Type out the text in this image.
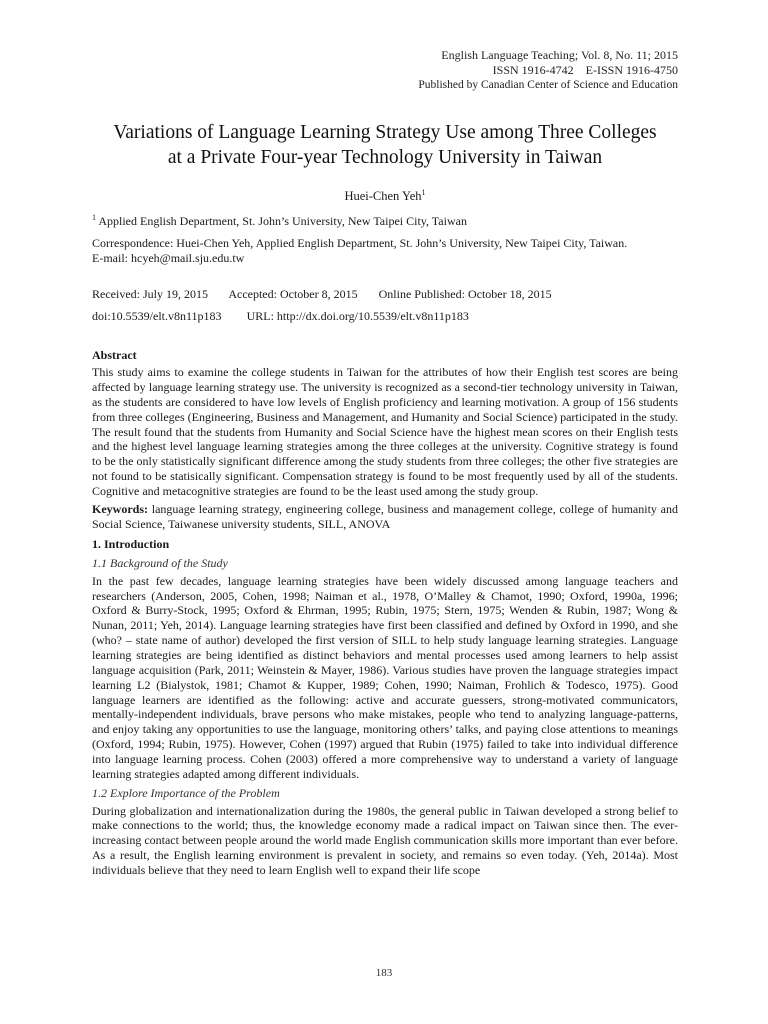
English Language Teaching; Vol. 8, No. 11; 2015
ISSN 1916-4742    E-ISSN 1916-4750
Published by Canadian Center of Science and Education
Variations of Language Learning Strategy Use among Three Colleges
at a Private Four-year Technology University in Taiwan
Huei-Chen Yeh$^1$
$^1$ Applied English Department, St. John’s University, New Taipei City, Taiwan
Correspondence: Huei-Chen Yeh, Applied English Department, St. John’s University, New Taipei City, Taiwan.
E-mail: hcyeh@mail.sju.edu.tw
Received: July 19, 2015 Accepted: October 8, 2015 Online Published: October 18, 2015
doi:10.5539/elt.v8n11p183 URL: http://dx.doi.org/10.5539/elt.v8n11p183
Abstract

This study aims to examine the college students in Taiwan for the attributes of how their English test scores are being affected by language learning strategy use. The university is recognized as a second-tier technology university in Taiwan, as the students are considered to have low levels of English proficiency and learning motivation. A group of 156 students from three colleges (Engineering, Business and Management, and Humanity and Social Science) participated in the study. The result found that the students from Humanity and Social Science have the highest mean scores on their English tests and the highest level language learning strategies among the three colleges at the university. Cognitive strategy is found to be the only statistically significant difference among the study students from three colleges; the other five strategies are not found to be statisically significant. Compensation strategy is found to be most frequently used by all of the students. Cognitive and metacognitive strategies are found to be the least used among the study group.

Keywords: language learning strategy, engineering college, business and management college, college of humanity and Social Science, Taiwanese university students, SILL, ANOVA
1. Introduction
1.1 Background of the Study

In the past few decades, language learning strategies have been widely discussed among language teachers and researchers (Anderson, 2005, Cohen, 1998; Naiman et al., 1978, O’Malley & Chamot, 1990; Oxford, 1990a, 1996; Oxford & Burry-Stock, 1995; Oxford & Ehrman, 1995; Rubin, 1975; Stern, 1975; Wenden & Rubin, 1987; Wong & Nunan, 2011; Yeh, 2014). Language learning strategies have first been classified and defined by Oxford in 1990, and she (who? – state name of author) developed the first version of SILL to help study language learning strategies. Language learning strategies are being identified as distinct behaviors and mental processes used among learners to help assist language acquisition (Park, 2011; Weinstein & Mayer, 1986). Various studies have proven the language strategies impact learning L2 (Bialystok, 1981; Chamot & Kupper, 1989; Cohen, 1990; Naiman, Frohlich & Todesco, 1975). Good language learners are identified as the following: active and accurate guessers, strong-motivated communicators, mentally-independent individuals, brave persons who make mistakes, people who tend to analyzing language-patterns, and enjoy taking any opportunities to use the language, monitoring others’ talks, and paying close attentions to meanings (Oxford, 1994; Rubin, 1975). However, Cohen (1997) argued that Rubin (1975) failed to take into individual difference into language learning process. Cohen (2003) offered a more comprehensive way to understand a variety of language learning strategies adapted among different individuals.

1.2 Explore Importance of the Problem

During globalization and internationalization during the 1980s, the general public in Taiwan developed a strong belief to make connections to the world; thus, the knowledge economy made a radical impact on Taiwan since then. The ever-increasing contact between people around the world made English communication skills more important than ever before. As a result, the English learning environment is prevalent in society, and remains so even today. (Yeh, 2014a). Most individuals believe that they need to learn English well to expand their life scope

183
